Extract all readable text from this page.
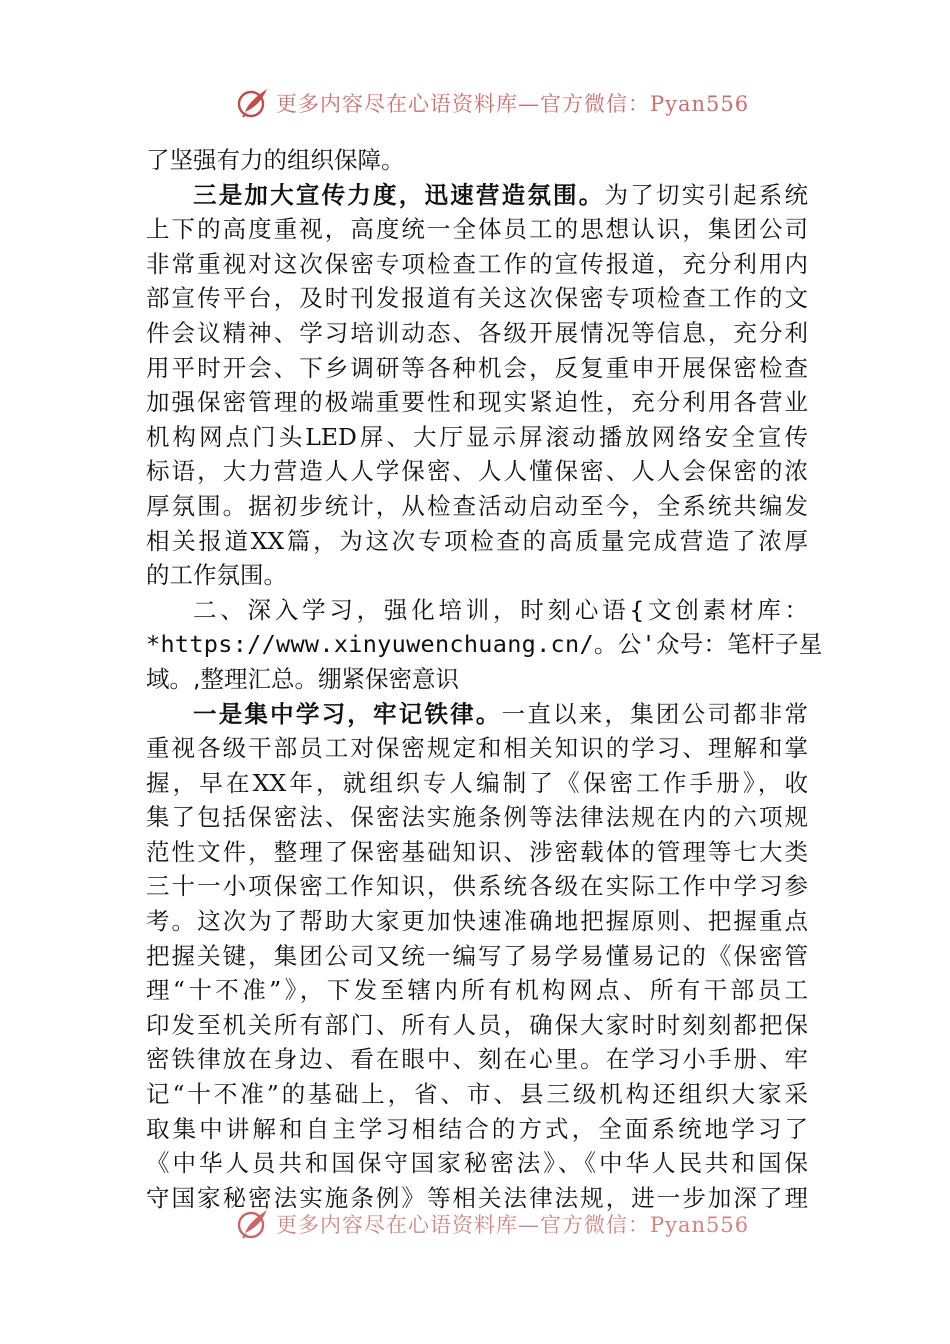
更多内容尽在心语资料库—官方微信：Pyan556
了坚强有力的组织保障。
三是加大宣传力度，迅速营造氛围。为了切实引起系统
上下的高度重视，高度统一全体员工的思想认识，集团公司
非常重视对这次保密专项检查工作的宣传报道，充分利用内
部宣传平台，及时刊发报道有关这次保密专项检查工作的文
件会议精神、学习培训动态、各级开展情况等信息，充分利
用平时开会、下乡调研等各种机会，反复重申开展保密检查
加强保密管理的极端重要性和现实紧迫性，充分利用各营业
机构网点门头LED屏、大厅显示屏滚动播放网络安全宣传
标语，大力营造人人学保密、人人懂保密、人人会保密的浓
厚氛围。据初步统计，从检查活动启动至今，全系统共编发
相关报道XX篇，为这次专项检查的高质量完成营造了浓厚
的工作氛围。
二、深入学习，强化培训，时刻心语{文创素材库：
*https://www.xinyuwenchuang.cn/。公'众号：笔杆子星
域。,整理汇总。绷紧保密意识
一是集中学习，牢记铁律。一直以来，集团公司都非常
重视各级干部员工对保密规定和相关知识的学习、理解和掌
握，早在XX年，就组织专人编制了《保密工作手册》，收
集了包括保密法、保密法实施条例等法律法规在内的六项规
范性文件，整理了保密基础知识、涉密载体的管理等七大类
三十一小项保密工作知识，供系统各级在实际工作中学习参
考。这次为了帮助大家更加快速准确地把握原则、把握重点
把握关键，集团公司又统一编写了易学易懂易记的《保密管
理“十不准”》，下发至辖内所有机构网点、所有干部员工
印发至机关所有部门、所有人员，确保大家时时刻刻都把保
密铁律放在身边、看在眼中、刻在心里。在学习小手册、牢
记“十不准”的基础上，省、市、县三级机构还组织大家采
取集中讲解和自主学习相结合的方式，全面系统地学习了
《中华人员共和国保守国家秘密法》、《中华人民共和国保
守国家秘密法实施条例》等相关法律法规，进一步加深了理
更多内容尽在心语资料库—官方微信：Pyan556
